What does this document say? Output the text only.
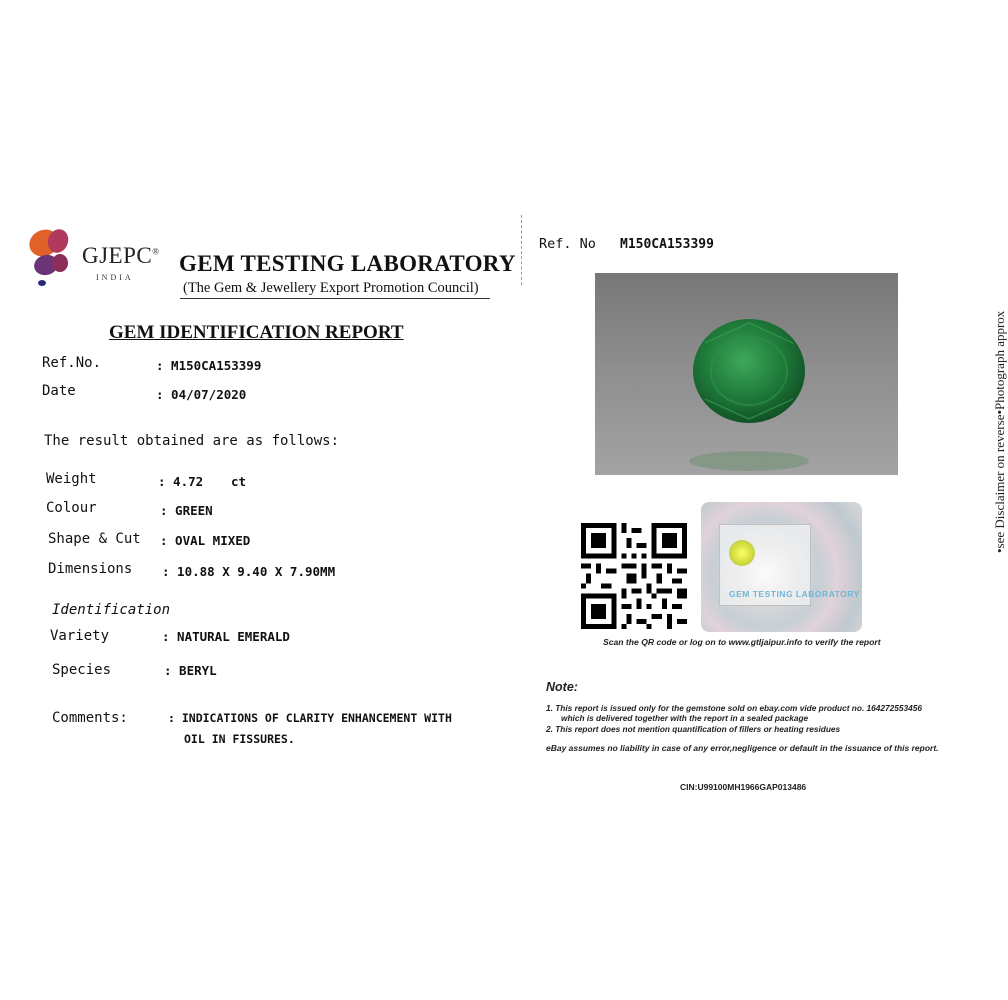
GJEPC®
INDIA
GEM TESTING LABORATORY
(The Gem & Jewellery Export Promotion Council)
GEM IDENTIFICATION REPORT
Ref.No.	: M150CA153399
Date	: 04/07/2020
The result obtained are as follows:
Weight	: 4.72 ct
Colour	: GREEN
Shape & Cut : OVAL MIXED
Dimensions : 10.88 X 9.40 X 7.90MM
Identification
Variety	: NATURAL EMERALD
Species	: BERYL
Comments:	: INDICATIONS OF CLARITY ENHANCEMENT WITH
OIL IN FISSURES.
Ref. No M150CA153399
GEM TESTING LABORATORY
Scan the QR code or log on to www.gtljaipur.info to verify the report
Note:
1. This report is issued only for the gemstone sold on ebay.com vide product no. 164272553456
which is delivered together with the report in a sealed package
2. This report does not mention quantification of fillers or heating residues
eBay assumes no liability in case of any error,negligence or default in the issuance of this report.
CIN:U99100MH1966GAP013486
•see Disclaimer on reverse•Photograph approx
